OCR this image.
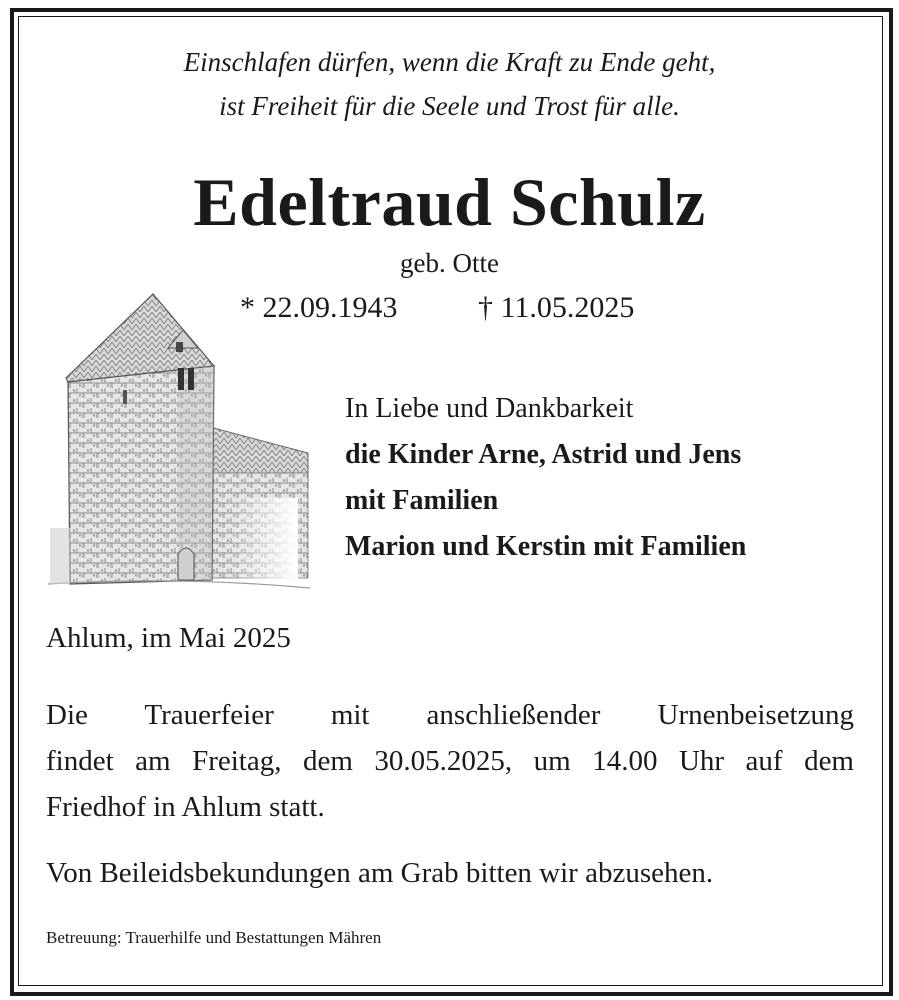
Einschlafen dürfen, wenn die Kraft zu Ende geht,
ist Freiheit für die Seele und Trost für alle.
Edeltraud Schulz
geb. Otte
* 22.09.1943	† 11.05.2025
In Liebe und Dankbarkeit
die Kinder Arne, Astrid und Jens
mit Familien
Marion und Kerstin mit Familien
Ahlum, im Mai 2025
Die Trauerfeier mit anschließender Urnenbeisetzung
findet am Freitag, dem 30.05.2025, um 14.00 Uhr auf dem
Friedhof in Ahlum statt.
Von Beileidsbekundungen am Grab bitten wir abzusehen.
Betreuung: Trauerhilfe und Bestattungen Mähren
